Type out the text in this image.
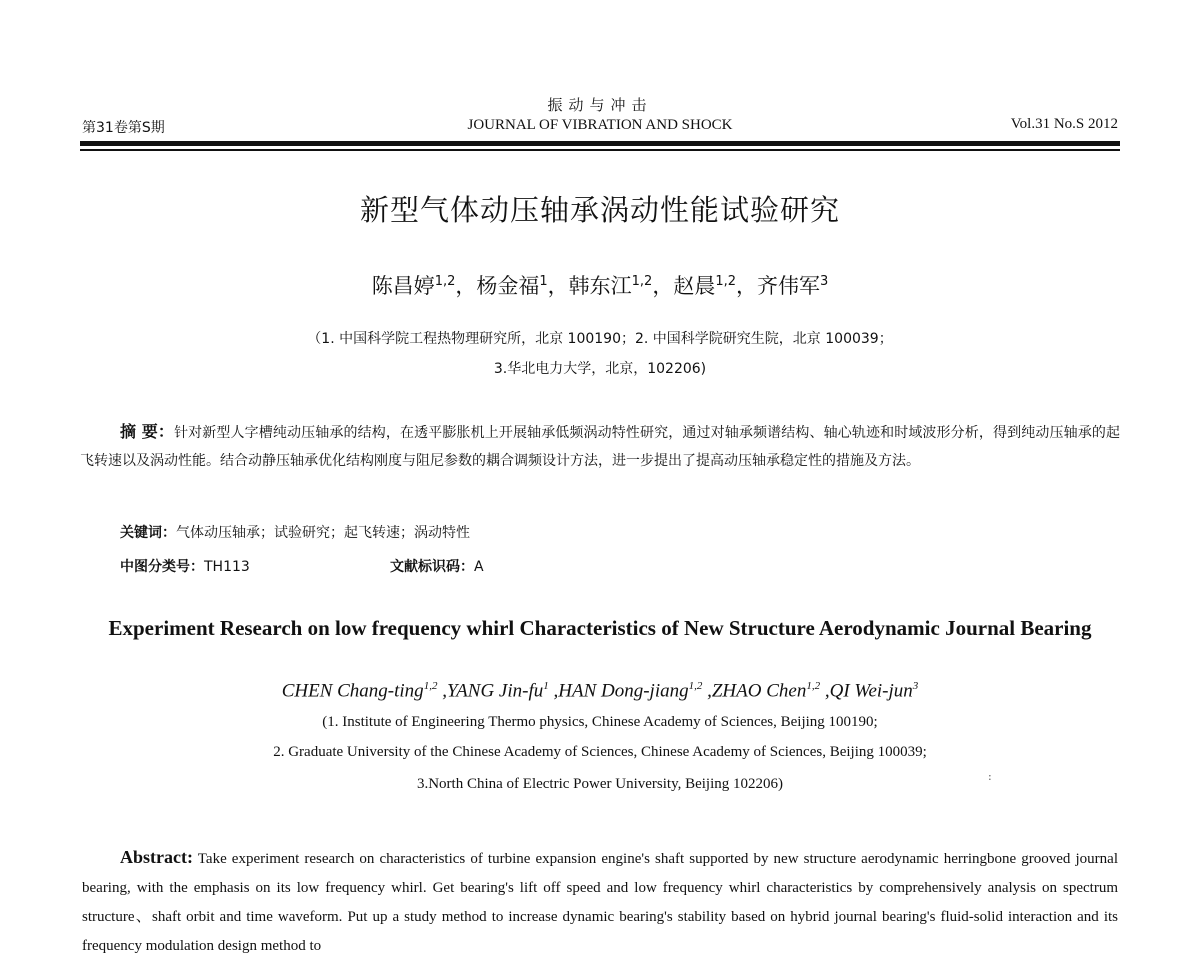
振动与冲击
第31卷第S期	JOURNAL OF VIBRATION AND SHOCK	Vol.31 No.S 2012
新型气体动压轴承涡动性能试验研究
陈昌婷$^{1,2}$，杨金福$^1$，韩东江$^{1,2}$，赵晨$^{1,2}$，齐伟军$^3$
（1. 中国科学院工程热物理研究所，北京 100190；2. 中国科学院研究生院，北京 100039；
3.华北电力大学，北京，102206)
摘 要：针对新型人字槽纯动压轴承的结构，在透平膨胀机上开展轴承低频涡动特性研究，通过对轴承频谱结构、轴心轨迹和时域波形分析，得到纯动压轴承的起飞转速以及涡动性能。结合动静压轴承优化结构刚度与阻尼参数的耦合调频设计方法，进一步提出了提高动压轴承稳定性的措施及方法。
关键词：气体动压轴承；试验研究；起飞转速；涡动特性
中图分类号：TH113	文献标识码：A
Experiment Research on low frequency whirl Characteristics of New Structure Aerodynamic Journal Bearing
CHEN Chang-ting$^{1,2}$ ,YANG Jin-$fu^1$ ,HAN Dong-jiang$^{1,2}$ ,ZHAO Chen$^{1,2}$ ,QI Wei-jun$^3$
(1. Institute of Engineering Thermo physics, Chinese Academy of Sciences, Beijing 100190;
2. Graduate University of the Chinese Academy of Sciences, Chinese Academy of Sciences, Beijing 100039;
3.North China of Electric Power University, Beijing 102206)	:
Abstract: Take experiment research on characteristics of turbine expansion engine's shaft supported by new structure aerodynamic herringbone grooved journal bearing, with the emphasis on its low frequency whirl. Get bearing's lift off speed and low frequency whirl characteristics by comprehensively analysis on spectrum structure、shaft orbit and time waveform. Put up a study method to increase dynamic bearing's stability based on hybrid journal bearing's fluid-solid interaction and its frequency modulation design method to
